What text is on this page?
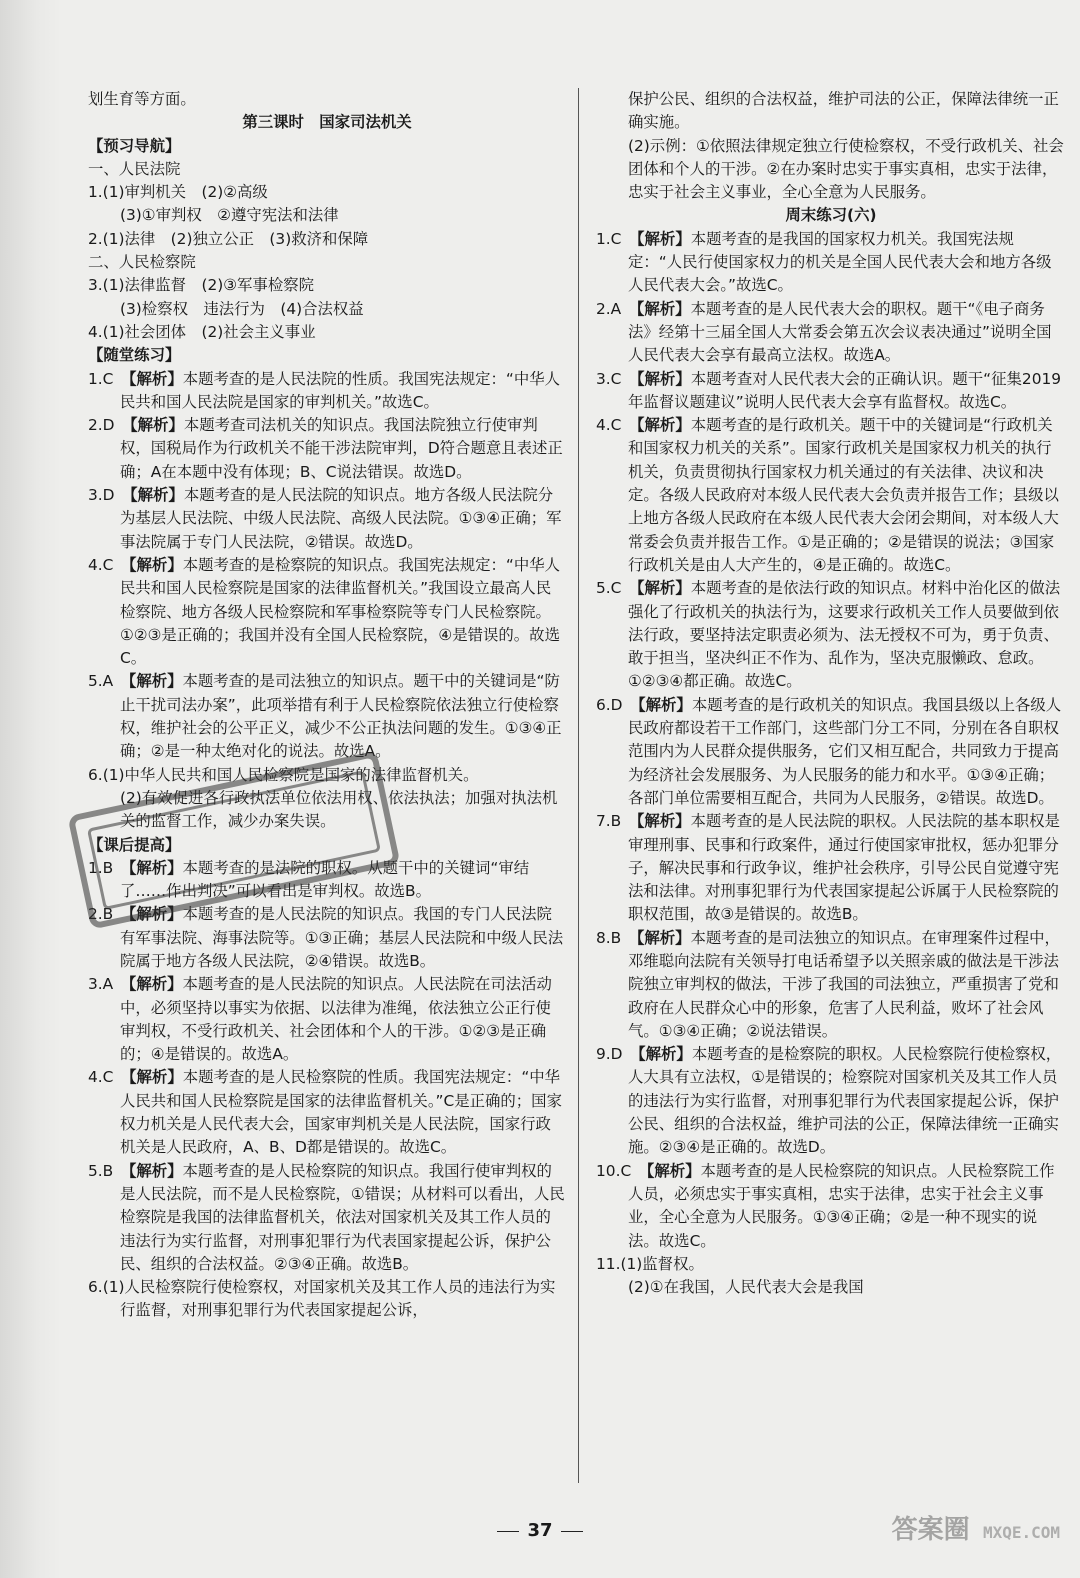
划生育等方面。
第三课时　国家司法机关
【预习导航】
一、人民法院
1.(1)审判机关　(2)②高级
(3)①审判权　②遵守宪法和法律
2.(1)法律　(2)独立公正　(3)救济和保障
二、人民检察院
3.(1)法律监督　(2)③军事检察院
(3)检察权　违法行为　(4)合法权益
4.(1)社会团体　(2)社会主义事业
【随堂练习】
1.C 【解析】本题考查的是人民法院的性质。我国宪法规定：“中华人民共和国人民法院是国家的审判机关。”故选C。
2.D 【解析】本题考查司法机关的知识点。我国法院独立行使审判权，国税局作为行政机关不能干涉法院审判，D符合题意且表述正确；A在本题中没有体现；B、C说法错误。故选D。
3.D 【解析】本题考查的是人民法院的知识点。地方各级人民法院分为基层人民法院、中级人民法院、高级人民法院。①③④正确；军事法院属于专门人民法院，②错误。故选D。
4.C 【解析】本题考查的是检察院的知识点。我国宪法规定：“中华人民共和国人民检察院是国家的法律监督机关。”我国设立最高人民检察院、地方各级人民检察院和军事检察院等专门人民检察院。①②③是正确的；我国并没有全国人民检察院，④是错误的。故选C。
5.A 【解析】本题考查的是司法独立的知识点。题干中的关键词是“防止干扰司法办案”，此项举措有利于人民检察院依法独立行使检察权，维护社会的公平正义，减少不公正执法问题的发生。①③④正确；②是一种太绝对化的说法。故选A。
6.(1)中华人民共和国人民检察院是国家的法律监督机关。
(2)有效促进各行政执法单位依法用权、依法执法；加强对执法机关的监督工作，减少办案失误。
【课后提高】
1.B 【解析】本题考查的是法院的职权。从题干中的关键词“审结了……作出判决”可以看出是审判权。故选B。
2.B 【解析】本题考查的是人民法院的知识点。我国的专门人民法院有军事法院、海事法院等。①③正确；基层人民法院和中级人民法院属于地方各级人民法院，②④错误。故选B。
3.A 【解析】本题考查的是人民法院的知识点。人民法院在司法活动中，必须坚持以事实为依据、以法律为准绳，依法独立公正行使审判权，不受行政机关、社会团体和个人的干涉。①②③是正确的；④是错误的。故选A。
4.C 【解析】本题考查的是人民检察院的性质。我国宪法规定：“中华人民共和国人民检察院是国家的法律监督机关。”C是正确的；国家权力机关是人民代表大会，国家审判机关是人民法院，国家行政机关是人民政府，A、B、D都是错误的。故选C。
5.B 【解析】本题考查的是人民检察院的知识点。我国行使审判权的是人民法院，而不是人民检察院，①错误；从材料可以看出，人民检察院是我国的法律监督机关，依法对国家机关及其工作人员的违法行为实行监督，对刑事犯罪行为代表国家提起公诉，保护公民、组织的合法权益。②③④正确。故选B。
6.(1)人民检察院行使检察权，对国家机关及其工作人员的违法行为实行监督，对刑事犯罪行为代表国家提起公诉，
保护公民、组织的合法权益，维护司法的公正，保障法律统一正确实施。
(2)示例：①依照法律规定独立行使检察权，不受行政机关、社会团体和个人的干涉。②在办案时忠实于事实真相，忠实于法律，忠实于社会主义事业，全心全意为人民服务。
周末练习(六)
1.C 【解析】本题考查的是我国的国家权力机关。我国宪法规定：“人民行使国家权力的机关是全国人民代表大会和地方各级人民代表大会。”故选C。
2.A 【解析】本题考查的是人民代表大会的职权。题干“《电子商务法》经第十三届全国人大常委会第五次会议表决通过”说明全国人民代表大会享有最高立法权。故选A。
3.C 【解析】本题考查对人民代表大会的正确认识。题干“征集2019年监督议题建议”说明人民代表大会享有监督权。故选C。
4.C 【解析】本题考查的是行政机关。题干中的关键词是“行政机关和国家权力机关的关系”。国家行政机关是国家权力机关的执行机关，负责贯彻执行国家权力机关通过的有关法律、决议和决定。各级人民政府对本级人民代表大会负责并报告工作；县级以上地方各级人民政府在本级人民代表大会闭会期间，对本级人大常委会负责并报告工作。①是正确的；②是错误的说法；③国家行政机关是由人大产生的，④是正确的。故选C。
5.C 【解析】本题考查的是依法行政的知识点。材料中治化区的做法强化了行政机关的执法行为，这要求行政机关工作人员要做到依法行政，要坚持法定职责必须为、法无授权不可为，勇于负责、敢于担当，坚决纠正不作为、乱作为，坚决克服懒政、怠政。①②③④都正确。故选C。
6.D 【解析】本题考查的是行政机关的知识点。我国县级以上各级人民政府都设若干工作部门，这些部门分工不同，分别在各自职权范围内为人民群众提供服务，它们又相互配合，共同致力于提高为经济社会发展服务、为人民服务的能力和水平。①③④正确；各部门单位需要相互配合，共同为人民服务，②错误。故选D。
7.B 【解析】本题考查的是人民法院的职权。人民法院的基本职权是审理刑事、民事和行政案件，通过行使国家审批权，惩办犯罪分子，解决民事和行政争议，维护社会秩序，引导公民自觉遵守宪法和法律。对刑事犯罪行为代表国家提起公诉属于人民检察院的职权范围，故③是错误的。故选B。
8.B 【解析】本题考查的是司法独立的知识点。在审理案件过程中，邓维聪向法院有关领导打电话希望予以关照亲戚的做法是干涉法院独立审判权的做法，干涉了我国的司法独立，严重损害了党和政府在人民群众心中的形象，危害了人民利益，败坏了社会风气。①③④正确；②说法错误。
9.D 【解析】本题考查的是检察院的职权。人民检察院行使检察权，人大具有立法权，①是错误的；检察院对国家机关及其工作人员的违法行为实行监督，对刑事犯罪行为代表国家提起公诉，保护公民、组织的合法权益，维护司法的公正，保障法律统一正确实施。②③④是正确的。故选D。
10.C 【解析】本题考查的是人民检察院的知识点。人民检察院工作人员，必须忠实于事实真相，忠实于法律，忠实于社会主义事业，全心全意为人民服务。①③④正确；②是一种不现实的说法。故选C。
11.(1)监督权。
(2)①在我国，人民代表大会是我国
37	答案圈 MXQE.COM
